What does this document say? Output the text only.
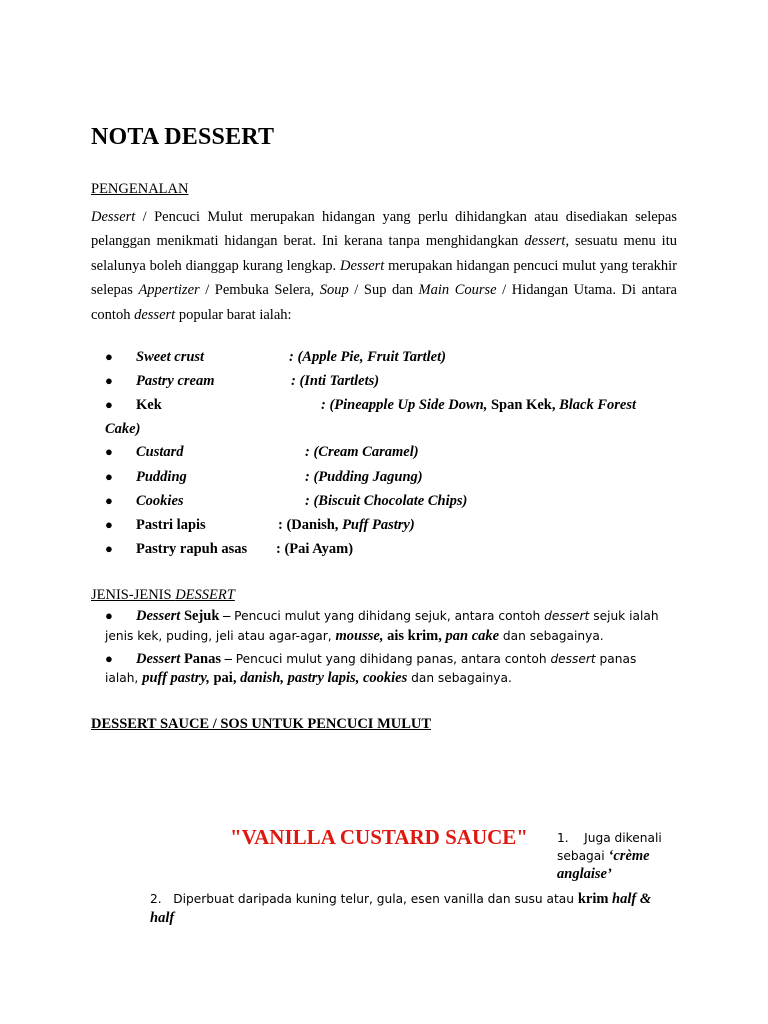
NOTA DESSERT
PENGENALAN
Dessert / Pencuci Mulut merupakan hidangan yang perlu dihidangkan atau disediakan selepas pelanggan menikmati hidangan berat. Ini kerana tanpa menghidangkan dessert, sesuatu menu itu selalunya boleh dianggap kurang lengkap. Dessert merupakan hidangan pencuci mulut yang terakhir selepas Appertizer / Pembuka Selera, Soup / Sup dan Main Course / Hidangan Utama. Di antara contoh dessert popular barat ialah:
● Sweet crust	: (Apple Pie, Fruit Tartlet)
● Pastry cream	: (Inti Tartlets)
● Kek	: (Pineapple Up Side Down, Span Kek, Black Forest
Cake)
● Custard	: (Cream Caramel)
● Pudding	: (Pudding Jagung)
● Cookies	: (Biscuit Chocolate Chips)
● Pastri lapis	: (Danish, Puff Pastry)
● Pastry rapuh asas : (Pai Ayam)
JENIS-JENIS DESSERT
● Dessert Sejuk – Pencuci mulut yang dihidang sejuk, antara contoh dessert sejuk ialah
jenis kek, puding, jeli atau agar-agar, mousse, ais krim, pan cake dan sebagainya.
● Dessert Panas – Pencuci mulut yang dihidang panas, antara contoh dessert panas
ialah, puff pastry, pai, danish, pastry lapis, cookies dan sebagainya.
DESSERT SAUCE / SOS UNTUK PENCUCI MULUT
"VANILLA CUSTARD SAUCE" 1. Juga dikenali sebagai ‘crème anglaise’
2. Diperbuat daripada kuning telur, gula, esen vanilla dan susu atau krim half &
half
